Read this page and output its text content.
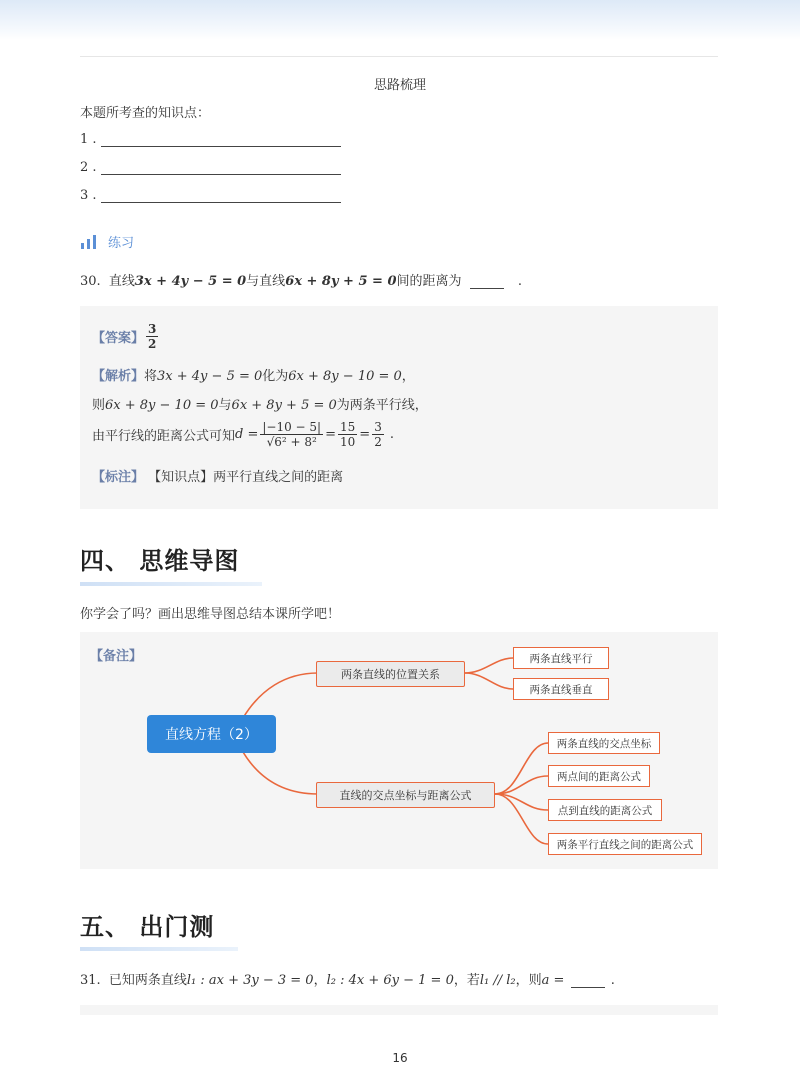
思路梳理
本题所考查的知识点：
1 .
2 .
3 .
练习
30. 直线3x + 4y − 5 = 0与直线6x + 8y + 5 = 0间的距离为	.
【答案】 $\frac{3}{2}$
【解析】将3x + 4y − 5 = 0化为6x + 8y − 10 = 0，
则6x + 8y − 10 = 0与6x + 8y + 5 = 0为两条平行线，
由平行线的距离公式可知 $d = \frac{|-10 - 5|}{\text{√6² + 8²}} = \frac{15}{10} = \frac{3}{2}$ .
【标注】 【知识点】两平行直线之间的距离
四、 思维导图
你学会了吗？画出思维导图总结本课所学吧！
【备注】
直线方程（2）
两条直线的位置关系
直线的交点坐标与距离公式
两条直线平行
两条直线垂直
两条直线的交点坐标
两点间的距离公式
点到直线的距离公式
两条平行直线之间的距离公式
五、 出门测
31. 已知两条直线l₁ : ax + 3y − 3 = 0，l₂ : 4x + 6y − 1 = 0，若l₁ // l₂，则a =	.
16
